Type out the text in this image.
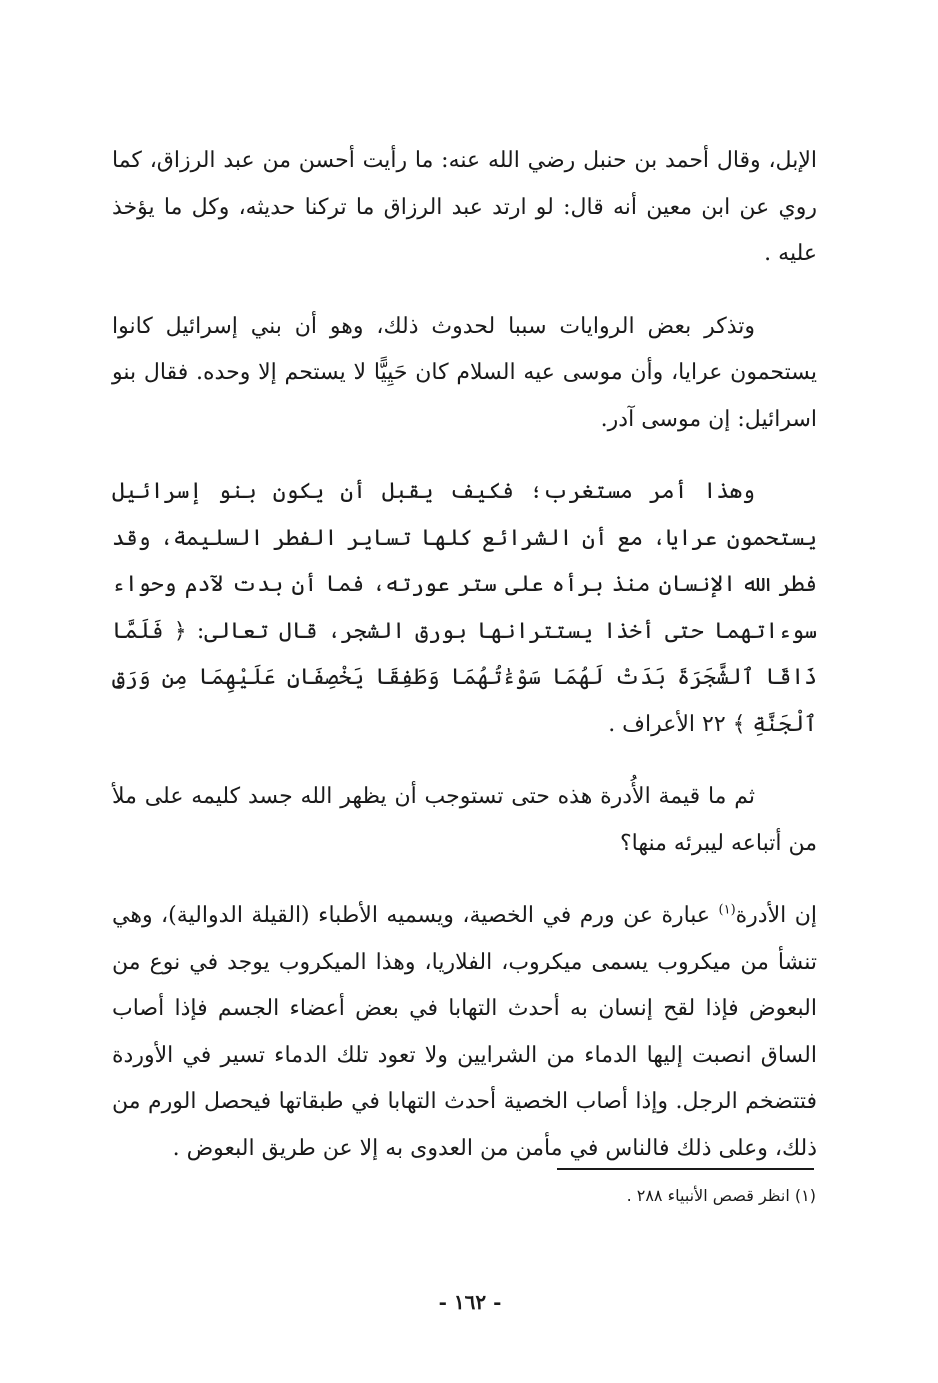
الإبل، وقال أحمد بن حنبل رضي الله عنه: ما رأيت أحسن من عبد الرزاق، كما روي عن ابن معين أنه قال: لو ارتد عبد الرزاق ما تركنا حديثه، وكل ما يؤخذ عليه .

وتذكر بعض الروايات سببا لحدوث ذلك، وهو أن بني إسرائيل كانوا يستحمون عرايا، وأن موسى عيه السلام كان حَيِيًّا لا يستحم إلا وحده. فقال بنو اسرائيل: إن موسى آدر.

وهذا أمر مستغرب؛ فكيف يقبل أن يكون بنو إسرائيل يستحمون عرايا، مع أن الشرائع كلها تساير الفطر السليمة، وقد فطر الله الإنسان منذ برأه على ستر عورته، فما أن بدت لآدم وحواء سوءاتهما حتى أخذا يستترانها بورق الشجر، قال تعالى: ﴿ فَلَمَّا ذَاقَا ٱلشَّجَرَةَ بَدَتْ لَهُمَا سَوْءَٰتُهُمَا وَطَفِقَا يَخْصِفَانِ عَلَيْهِمَا مِن وَرَقِ ٱلْجَنَّةِ ﴾ ٢٢ الأعراف .

ثم ما قيمة الأُدرة هذه حتى تستوجب أن يظهر الله جسد كليمه على ملأ من أتباعه ليبرئه منها؟

إن الأدرة$^{(١)}$ عبارة عن ورم في الخصية، ويسميه الأطباء (القيلة الدوالية)، وهي تنشأ من ميكروب يسمى ميكروب، الفلاريا، وهذا الميكروب يوجد في نوع من البعوض فإذا لقح إنسان به أحدث التهابا في بعض أعضاء الجسم فإذا أصاب الساق انصبت إليها الدماء من الشرايين ولا تعود تلك الدماء تسير في الأوردة فتتضخم الرجل. وإذا أصاب الخصية أحدث التهابا في طبقاتها فيحصل الورم من ذلك، وعلى ذلك فالناس في مأمن من العدوى به إلا عن طريق البعوض .

(١) انظر قصص الأنبياء ٢٨٨ .
- ١٦٢ -
